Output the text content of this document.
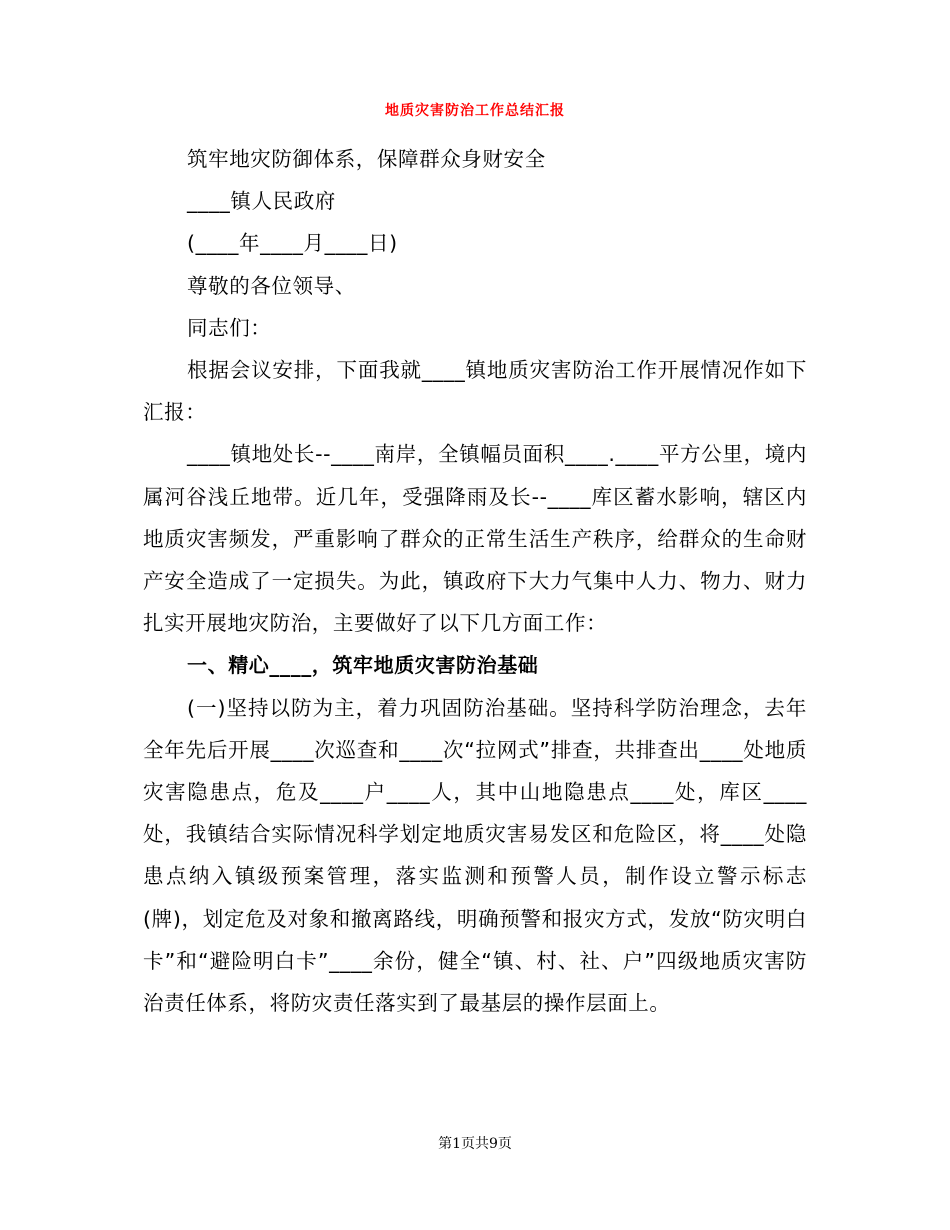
地质灾害防治工作总结汇报

筑牢地灾防御体系，保障群众身财安全

____镇人民政府

(____年____月____日)

尊敬的各位领导、

同志们：

根据会议安排，下面我就____镇地质灾害防治工作开展情况作如下汇报：

____镇地处长--____南岸，全镇幅员面积____.____平方公里，境内属河谷浅丘地带。近几年，受强降雨及长--____库区蓄水影响，辖区内地质灾害频发，严重影响了群众的正常生活生产秩序，给群众的生命财产安全造成了一定损失。为此，镇政府下大力气集中人力、物力、财力扎实开展地灾防治，主要做好了以下几方面工作：

一、精心____，筑牢地质灾害防治基础

(一)坚持以防为主，着力巩固防治基础。坚持科学防治理念，去年全年先后开展____次巡查和____次“拉网式”排查，共排查出____处地质灾害隐患点，危及____户____人，其中山地隐患点____处，库区____处，我镇结合实际情况科学划定地质灾害易发区和危险区，将____处隐患点纳入镇级预案管理，落实监测和预警人员，制作设立警示标志(牌)，划定危及对象和撤离路线，明确预警和报灾方式，发放“防灾明白卡”和“避险明白卡”____余份，健全“镇、村、社、户”四级地质灾害防治责任体系，将防灾责任落实到了最基层的操作层面上。

第1页共9页
